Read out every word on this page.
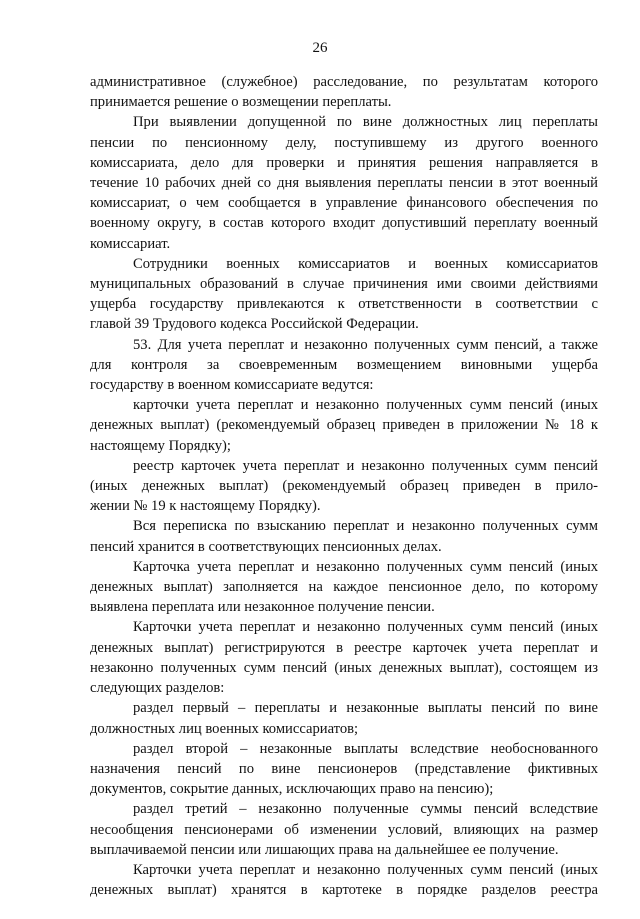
26
административное (служебное) расследование, по результатам которого
принимается решение о возмещении переплаты.
При выявлении допущенной по вине должностных лиц переплаты
пенсии по пенсионному делу, поступившему из другого военного
комиссариата, дело для проверки и принятия решения направляется в
течение 10 рабочих дней со дня выявления переплаты пенсии в этот военный
комиссариат, о чем сообщается в управление финансового обеспечения по
военному округу, в состав которого входит допустивший переплату военный
комиссариат.
Сотрудники военных комиссариатов и военных комиссариатов
муниципальных образований в случае причинения ими своими действиями
ущерба государству привлекаются к ответственности в соответствии с
главой 39 Трудового кодекса Российской Федерации.
53. Для учета переплат и незаконно полученных сумм пенсий, а также
для контроля за своевременным возмещением виновными ущерба
государству в военном комиссариате ведутся:
карточки учета переплат и незаконно полученных сумм пенсий (иных
денежных выплат) (рекомендуемый образец приведен в приложении № 18 к
настоящему Порядку);
реестр карточек учета переплат и незаконно полученных сумм пенсий
(иных денежных выплат) (рекомендуемый образец приведен в прило-
жении № 19 к настоящему Порядку).
Вся переписка по взысканию переплат и незаконно полученных сумм
пенсий хранится в соответствующих пенсионных делах.
Карточка учета переплат и незаконно полученных сумм пенсий (иных
денежных выплат) заполняется на каждое пенсионное дело, по которому
выявлена переплата или незаконное получение пенсии.
Карточки учета переплат и незаконно полученных сумм пенсий (иных
денежных выплат) регистрируются в реестре карточек учета переплат и
незаконно полученных сумм пенсий (иных денежных выплат), состоящем из
следующих разделов:
раздел первый – переплаты и незаконные выплаты пенсий по вине
должностных лиц военных комиссариатов;
раздел второй – незаконные выплаты вследствие необоснованного
назначения пенсий по вине пенсионеров (представление фиктивных
документов, сокрытие данных, исключающих право на пенсию);
раздел третий – незаконно полученные суммы пенсий вследствие
несообщения пенсионерами об изменении условий, влияющих на размер
выплачиваемой пенсии или лишающих права на дальнейшее ее получение.
Карточки учета переплат и незаконно полученных сумм пенсий (иных
денежных выплат) хранятся в картотеке в порядке разделов реестра
